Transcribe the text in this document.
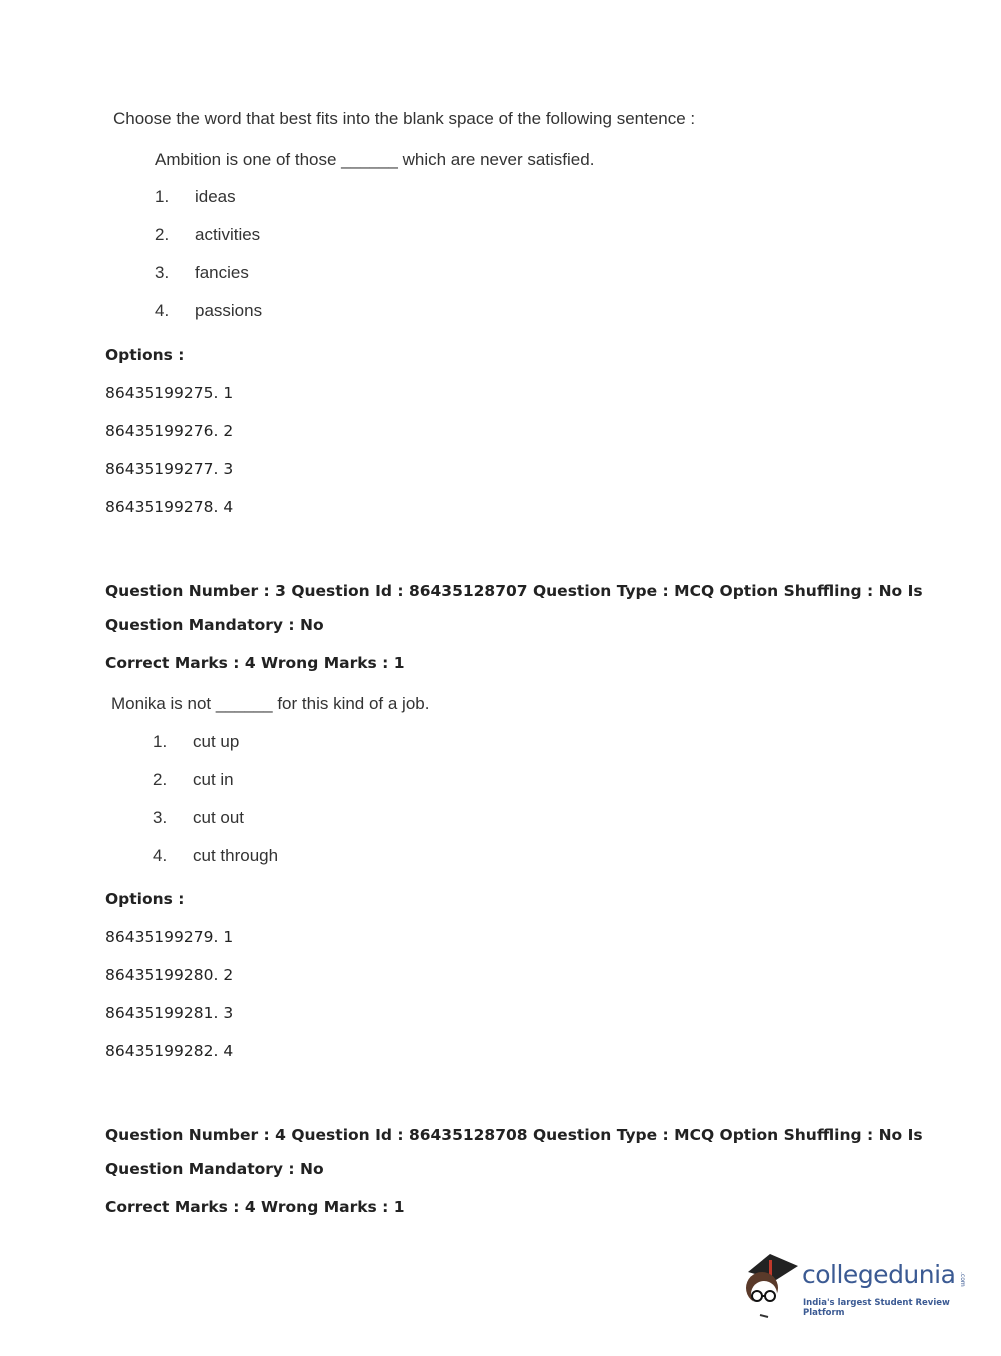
Choose the word that best fits into the blank space of the following sentence :
Ambition is one of those ______ which are never satisfied.
1. ideas
2. activities
3. fancies
4. passions
Options :
86435199275. 1
86435199276. 2
86435199277. 3
86435199278. 4
Question Number : 3 Question Id : 86435128707 Question Type : MCQ Option Shuffling : No Is
Question Mandatory : No
Correct Marks : 4 Wrong Marks : 1
Monika is not ______ for this kind of a job.
1. cut up
2. cut in
3. cut out
4. cut through
Options :
86435199279. 1
86435199280. 2
86435199281. 3
86435199282. 4
Question Number : 4 Question Id : 86435128708 Question Type : MCQ Option Shuffling : No Is
Question Mandatory : No
Correct Marks : 4 Wrong Marks : 1
collegedunia .com
India's largest Student Review Platform
